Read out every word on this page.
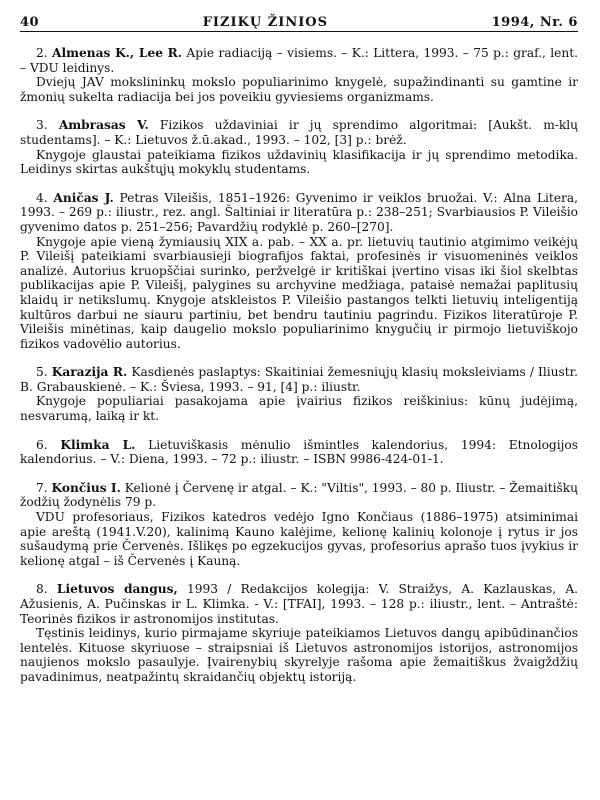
40	FIZIKŲ ŽINIOS	1994, Nr. 6

2. Almenas K., Lee R. Apie radiaciją – visiems. – K.: Littera, 1993. – 75 p.: graf., lent. – VDU leidinys.

Dviejų JAV mokslininkų mokslo populiarinimo knygelė, supažindinanti su gamtine ir žmonių sukelta radiacija bei jos poveikiu gyviesiems organizmams.

3. Ambrasas V. Fizikos uždaviniai ir jų sprendimo algoritmai: [Aukšt. m-klų studentams]. – K.: Lietuvos ž.ū.akad., 1993. – 102, [3] p.: brėž.

Knygoje glaustai pateikiama fizikos uždavinių klasifikacija ir jų sprendimo metodika. Leidinys skirtas aukštųjų mokyklų studentams.

4. Aničas J. Petras Vileišis, 1851–1926: Gyvenimo ir veiklos bruožai. V.: Alna Litera, 1993. – 269 p.: iliustr., rez. angl. Šaltiniai ir literatūra p.: 238–251; Svarbiausios P. Vileišio gyvenimo datos p. 251–256; Pavardžių rodyklė p. 260–[270].

Knygoje apie vieną žymiausių XIX a. pab. – XX a. pr. lietuvių tautinio atgimimo veikėjų P. Vileišį pateikiami svarbiausieji biografijos faktai, profesinės ir visuomeninės veiklos analizė. Autorius kruopščiai surinko, peržvelgė ir kritiškai įvertino visas iki šiol skelbtas publikacijas apie P. Vileišį, palygines su archyvine medžiaga, pataisė nemažai paplitusių klaidų ir netikslumų. Knygoje atskleistos P. Vileišio pastangos telkti lietuvių inteligentiją kultūros darbui ne siauru partiniu, bet bendru tautiniu pagrindu. Fizikos literatūroje P. Vileišis minėtinas, kaip daugelio mokslo populiarinimo knygučių ir pirmojo lietuviškojo fizikos vadovėlio autorius.

5. Karazija R. Kasdienės paslaptys: Skaitiniai žemesniųjų klasių moksleiviams / Iliustr. B. Grabauskienė. – K.: Šviesa, 1993. – 91, [4] p.: iliustr.

Knygoje populiariai pasakojama apie įvairius fizikos reiškinius: kūnų judėjimą, nesvarumą, laiką ir kt.

6. Klimka L. Lietuviškasis mėnulio išmintles kalendorius, 1994: Etnologijos kalendorius. – V.: Diena, 1993. – 72 p.: iliustr. – ISBN 9986-424-01-1.

7. Končius I. Kelionė į Červenę ir atgal. – K.: "Viltis", 1993. – 80 p. Iliustr. – Žemaitiškų žodžių žodynėlis 79 p.

VDU profesoriaus, Fizikos katedros vedėjo Igno Končiaus (1886–1975) atsiminimai apie areštą (1941.V.20), kalinimą Kauno kalėjime, kelionę kalinių kolonoje į rytus ir jos sušaudymą prie Červenės. Išlikęs po egzekucijos gyvas, profesorius aprašo tuos įvykius ir kelionę atgal – iš Červenės į Kauną.

8. Lietuvos dangus, 1993 / Redakcijos kolegija: V. Straižys, A. Kazlauskas, A. Ažusienis, A. Pučinskas ir L. Klimka. - V.: [TFAI], 1993. – 128 p.: iliustr., lent. – Antraštė: Teorinės fizikos ir astronomijos institutas.

Tęstinis leidinys, kurio pirmajame skyriuje pateikiamos Lietuvos dangų apibūdinančios lentelės. Kituose skyriuose – straipsniai iš Lietuvos astronomijos istorijos, astronomijos naujienos mokslo pasaulyje. Įvairenybių skyrelyje rašoma apie žemaitiškus žvaigždžių pavadinimus, neatpažintų skraidančių objektų istoriją.
